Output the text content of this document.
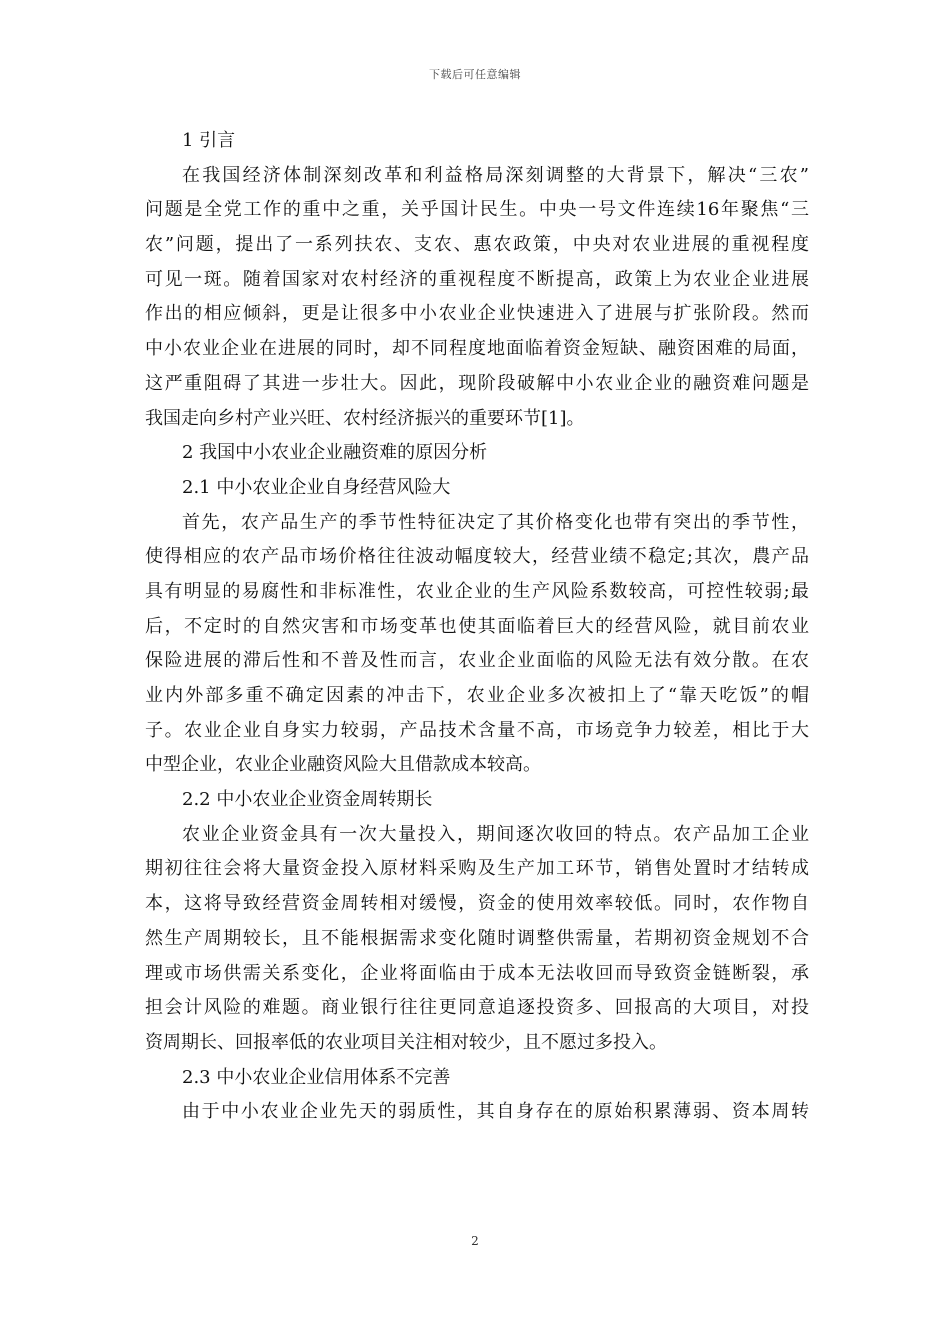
下载后可任意编辑
1 引言
在我国经济体制深刻改革和利益格局深刻调整的大背景下，解决“三农”
问题是全党工作的重中之重，关乎国计民生。中央一号文件连续16年聚焦“三
农”问题，提出了一系列扶农、支农、惠农政策，中央对农业进展的重视程度
可见一斑。随着国家对农村经济的重视程度不断提高，政策上为农业企业进展
作出的相应倾斜，更是让很多中小农业企业快速进入了进展与扩张阶段。然而
中小农业企业在进展的同时，却不同程度地面临着资金短缺、融资困难的局面，
这严重阻碍了其进一步壮大。因此，现阶段破解中小农业企业的融资难问题是
我国走向乡村产业兴旺、农村经济振兴的重要环节[1]。
2 我国中小农业企业融资难的原因分析
2.1 中小农业企业自身经营风险大
首先，农产品生产的季节性特征决定了其价格变化也带有突出的季节性，
使得相应的农产品市场价格往往波动幅度较大，经营业绩不稳定;其次，農产品
具有明显的易腐性和非标准性，农业企业的生产风险系数较高，可控性较弱;最
后，不定时的自然灾害和市场变革也使其面临着巨大的经营风险，就目前农业
保险进展的滞后性和不普及性而言，农业企业面临的风险无法有效分散。在农
业内外部多重不确定因素的冲击下，农业企业多次被扣上了“靠天吃饭”的帽
子。农业企业自身实力较弱，产品技术含量不高，市场竞争力较差，相比于大
中型企业，农业企业融资风险大且借款成本较高。
2.2 中小农业企业资金周转期长
农业企业资金具有一次大量投入，期间逐次收回的特点。农产品加工企业
期初往往会将大量资金投入原材料采购及生产加工环节，销售处置时才结转成
本，这将导致经营资金周转相对缓慢，资金的使用效率较低。同时，农作物自
然生产周期较长，且不能根据需求变化随时调整供需量，若期初资金规划不合
理或市场供需关系变化，企业将面临由于成本无法收回而导致资金链断裂，承
担会计风险的难题。商业银行往往更同意追逐投资多、回报高的大项目，对投
资周期长、回报率低的农业项目关注相对较少，且不愿过多投入。
2.3 中小农业企业信用体系不完善
由于中小农业企业先天的弱质性，其自身存在的原始积累薄弱、资本周转
2
